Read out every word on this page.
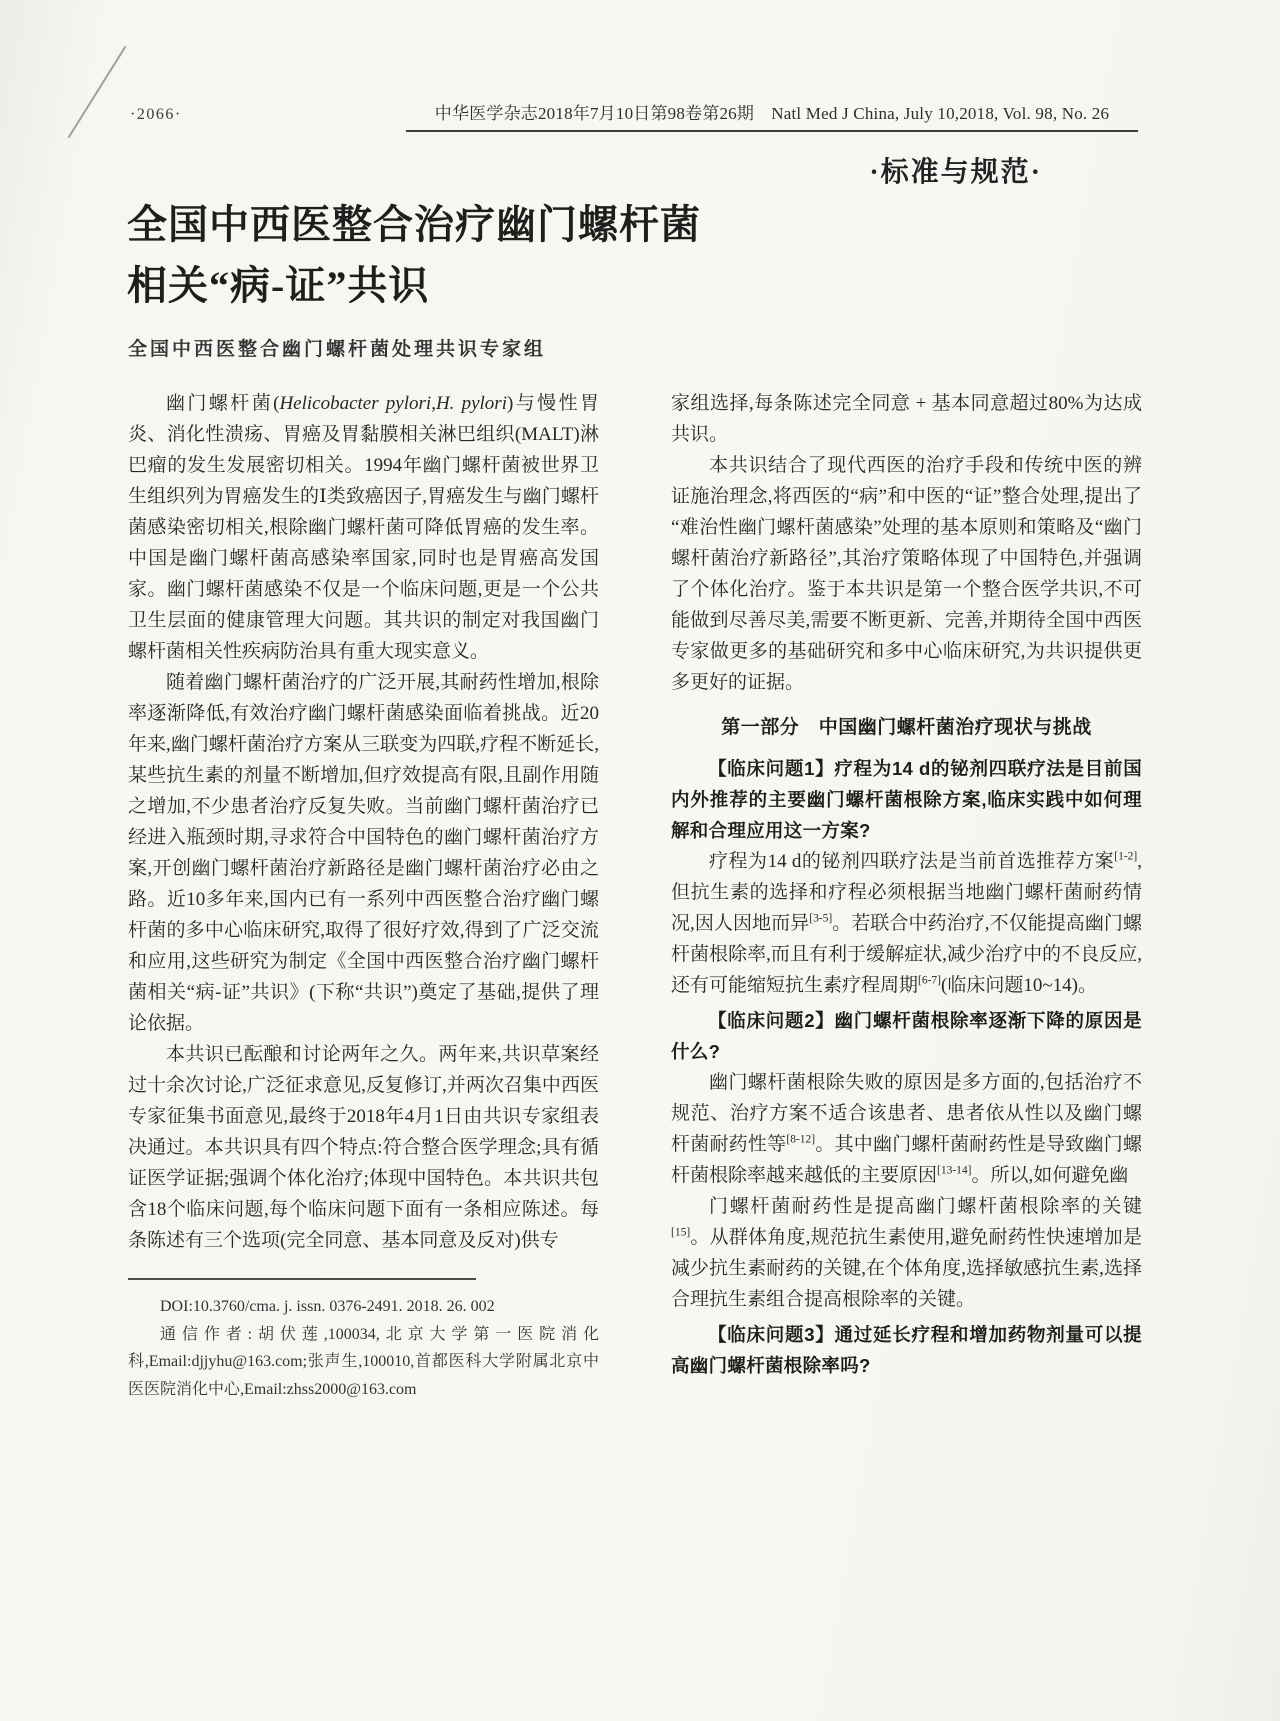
·2066·	中华医学杂志2018年7月10日第98卷第26期　Natl Med J China, July 10,2018, Vol. 98, No. 26
·标准与规范·
全国中西医整合治疗幽门螺杆菌
相关“病-证”共识
全国中西医整合幽门螺杆菌处理共识专家组

幽门螺杆菌(Helicobacter pylori,H. pylori)与慢性胃炎、消化性溃疡、胃癌及胃黏膜相关淋巴组织(MALT)淋巴瘤的发生发展密切相关。1994年幽门螺杆菌被世界卫生组织列为胃癌发生的Ⅰ类致癌因子,胃癌发生与幽门螺杆菌感染密切相关,根除幽门螺杆菌可降低胃癌的发生率。中国是幽门螺杆菌高感染率国家,同时也是胃癌高发国家。幽门螺杆菌感染不仅是一个临床问题,更是一个公共卫生层面的健康管理大问题。其共识的制定对我国幽门螺杆菌相关性疾病防治具有重大现实意义。

随着幽门螺杆菌治疗的广泛开展,其耐药性增加,根除率逐渐降低,有效治疗幽门螺杆菌感染面临着挑战。近20年来,幽门螺杆菌治疗方案从三联变为四联,疗程不断延长,某些抗生素的剂量不断增加,但疗效提高有限,且副作用随之增加,不少患者治疗反复失败。当前幽门螺杆菌治疗已经进入瓶颈时期,寻求符合中国特色的幽门螺杆菌治疗方案,开创幽门螺杆菌治疗新路径是幽门螺杆菌治疗必由之路。近10多年来,国内已有一系列中西医整合治疗幽门螺杆菌的多中心临床研究,取得了很好疗效,得到了广泛交流和应用,这些研究为制定《全国中西医整合治疗幽门螺杆菌相关“病-证”共识》(下称“共识”)奠定了基础,提供了理论依据。

本共识已酝酿和讨论两年之久。两年来,共识草案经过十余次讨论,广泛征求意见,反复修订,并两次召集中西医专家征集书面意见,最终于2018年4月1日由共识专家组表决通过。本共识具有四个特点:符合整合医学理念;具有循证医学证据;强调个体化治疗;体现中国特色。本共识共包含18个临床问题,每个临床问题下面有一条相应陈述。每条陈述有三个选项(完全同意、基本同意及反对)供专

DOI:10.3760/cma. j. issn. 0376-2491. 2018. 26. 002

通信作者:胡伏莲,100034,北京大学第一医院消化科,Email:djjyhu@163.com;张声生,100010,首都医科大学附属北京中医医院消化中心,Email:zhss2000@163.com

家组选择,每条陈述完全同意 + 基本同意超过80%为达成共识。

本共识结合了现代西医的治疗手段和传统中医的辨证施治理念,将西医的“病”和中医的“证”整合处理,提出了“难治性幽门螺杆菌感染”处理的基本原则和策略及“幽门螺杆菌治疗新路径”,其治疗策略体现了中国特色,并强调了个体化治疗。鉴于本共识是第一个整合医学共识,不可能做到尽善尽美,需要不断更新、完善,并期待全国中西医专家做更多的基础研究和多中心临床研究,为共识提供更多更好的证据。

第一部分　中国幽门螺杆菌治疗现状与挑战

【临床问题1】疗程为14 d的铋剂四联疗法是目前国内外推荐的主要幽门螺杆菌根除方案,临床实践中如何理解和合理应用这一方案?

疗程为14 d的铋剂四联疗法是当前首选推荐方案[1-2],但抗生素的选择和疗程必须根据当地幽门螺杆菌耐药情况,因人因地而异[3-5]。若联合中药治疗,不仅能提高幽门螺杆菌根除率,而且有利于缓解症状,减少治疗中的不良反应,还有可能缩短抗生素疗程周期[6-7](临床问题10~14)。

【临床问题2】幽门螺杆菌根除率逐渐下降的原因是什么?

幽门螺杆菌根除失败的原因是多方面的,包括治疗不规范、治疗方案不适合该患者、患者依从性以及幽门螺杆菌耐药性等[8-12]。其中幽门螺杆菌耐药性是导致幽门螺杆菌根除率越来越低的主要原因[13-14]。所以,如何避免幽

门螺杆菌耐药性是提高幽门螺杆菌根除率的关键[15]。从群体角度,规范抗生素使用,避免耐药性快速增加是减少抗生素耐药的关键,在个体角度,选择敏感抗生素,选择合理抗生素组合提高根除率的关键。

【临床问题3】通过延长疗程和增加药物剂量可以提高幽门螺杆菌根除率吗?
